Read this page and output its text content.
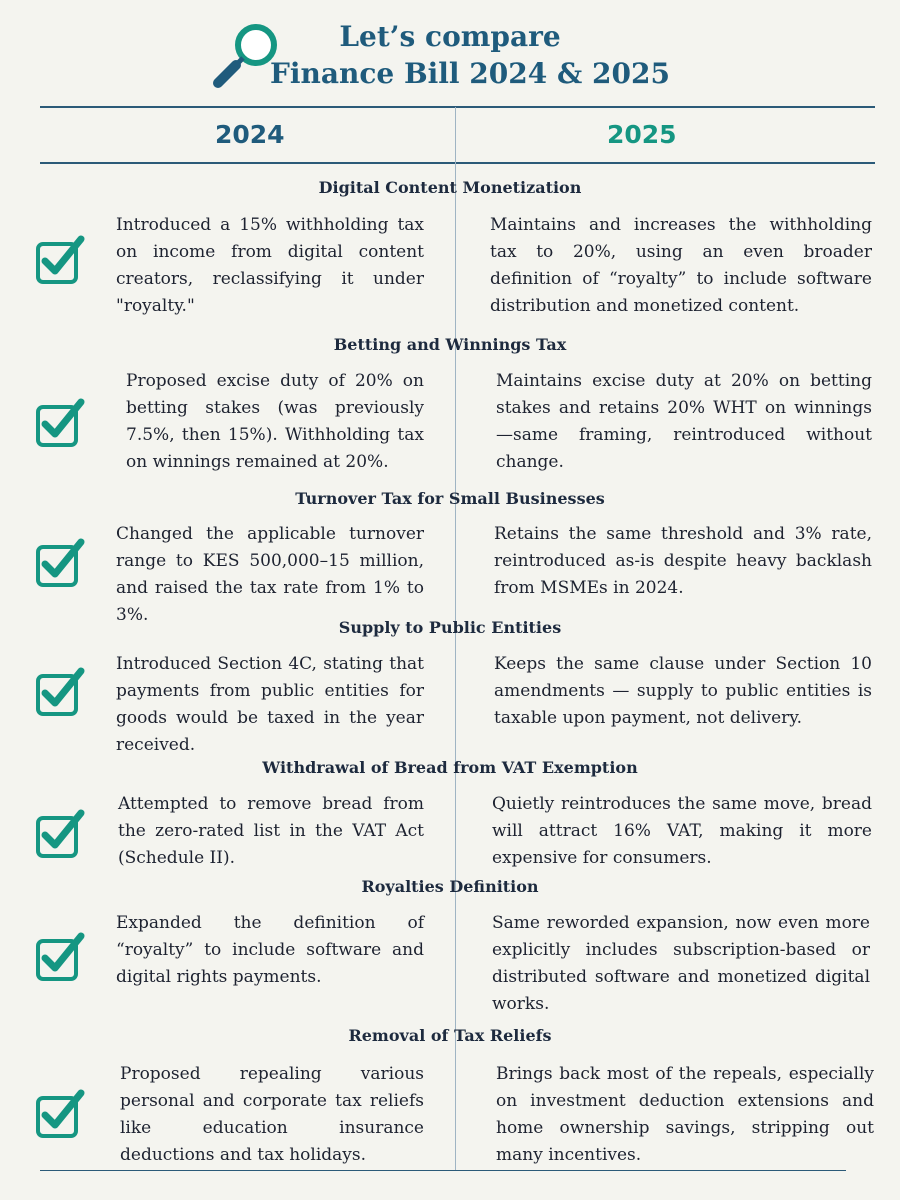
Let’s compare
Finance Bill 2024 & 2025
2024	2025
Digital Content Monetization
Introduced a 15% withholding tax on income from digital content creators, reclassifying it under "royalty."
Maintains and increases the withholding tax to 20%, using an even broader definition of “royalty” to include software distribution and monetized content.
Betting and Winnings Tax
Proposed excise duty of 20% on betting stakes (was previously 7.5%, then 15%). Withholding tax on winnings remained at 20%.
Maintains excise duty at 20% on betting stakes and retains 20% WHT on winnings—same framing, reintroduced without change.
Turnover Tax for Small Businesses
Changed the applicable turnover range to KES 500,000–15 million, and raised the tax rate from 1% to 3%.
Retains the same threshold and 3% rate, reintroduced as-is despite heavy backlash from MSMEs in 2024.
Supply to Public Entities
Introduced Section 4C, stating that payments from public entities for goods would be taxed in the year received.
Keeps the same clause under Section 10 amendments — supply to public entities is taxable upon payment, not delivery.
Withdrawal of Bread from VAT Exemption
Attempted to remove bread from the zero-rated list in the VAT Act (Schedule II).
Quietly reintroduces the same move, bread will attract 16% VAT, making it more expensive for consumers.
Royalties Definition
Expanded the definition of “royalty” to include software and digital rights payments.
Same reworded expansion, now even more explicitly includes subscription-based or distributed software and monetized digital works.
Removal of Tax Reliefs
Proposed repealing various personal and corporate tax reliefs like education insurance deductions and tax holidays.
Brings back most of the repeals, especially on investment deduction extensions and home ownership savings, stripping out many incentives.
